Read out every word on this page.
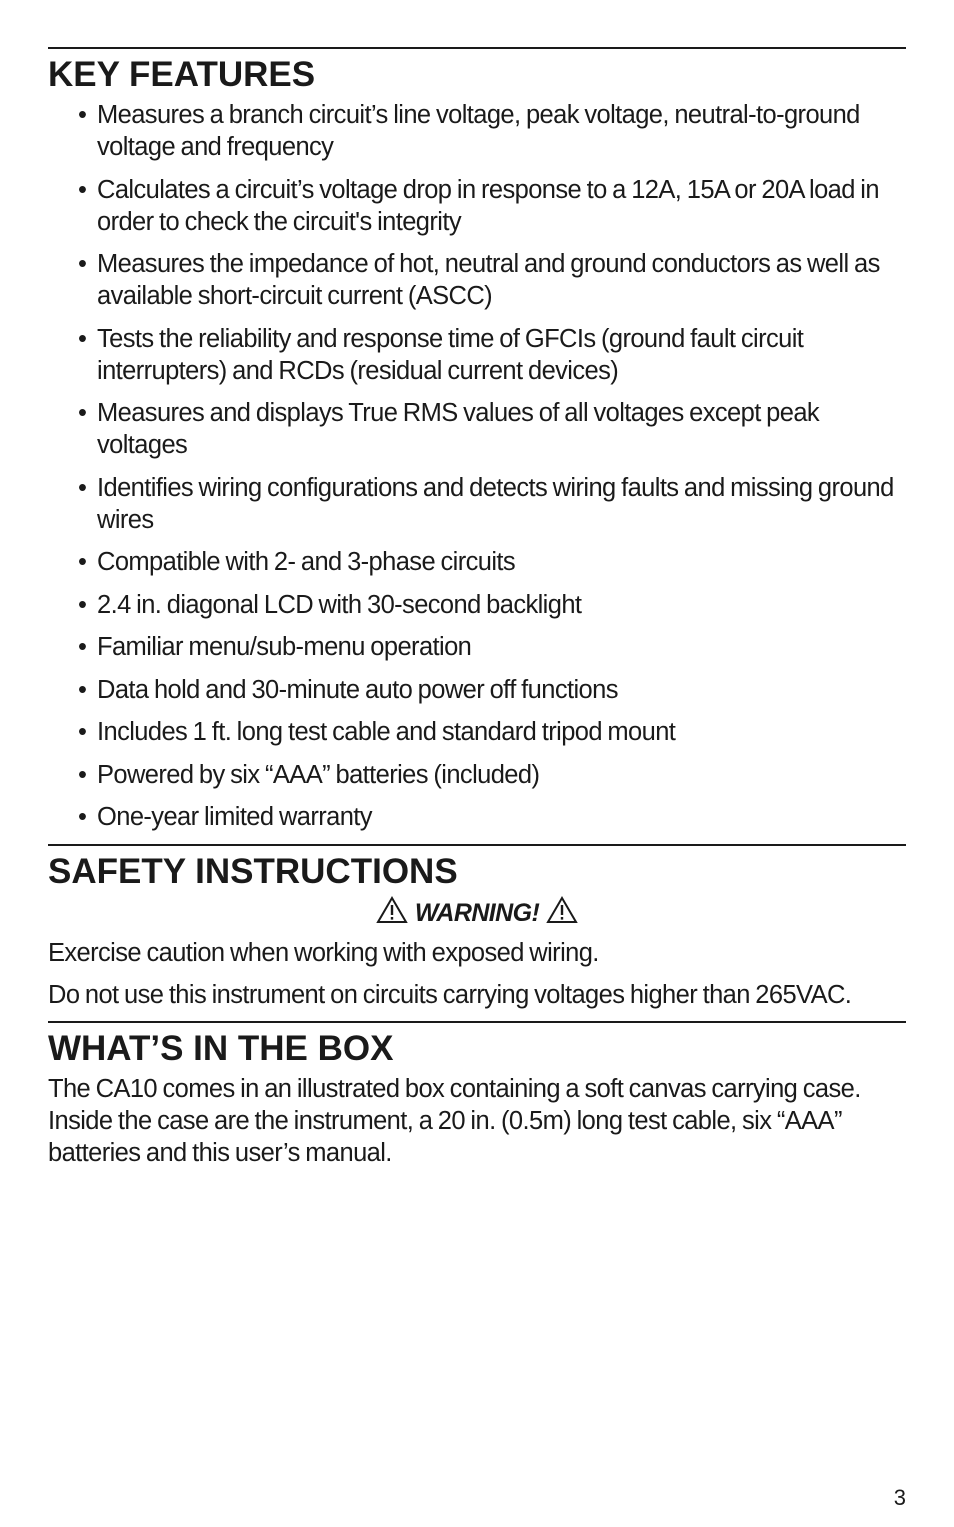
KEY FEATURES
• Measures a branch circuit’s line voltage, peak voltage, neutral-to-ground voltage and frequency
• Calculates a circuit’s voltage drop in response to a 12A, 15A or 20A load in order to check the circuit's integrity
• Measures the impedance of hot, neutral and ground conductors as well as available short-circuit current (ASCC)
• Tests the reliability and response time of GFCIs (ground fault circuit interrupters) and RCDs (residual current devices)
• Measures and displays True RMS values of all voltages except peak voltages
• Identifies wiring configurations and detects wiring faults and missing ground wires
• Compatible with 2- and 3-phase circuits
• 2.4 in. diagonal LCD with 30-second backlight
• Familiar menu/sub-menu operation
• Data hold and 30-minute auto power off functions
• Includes 1 ft. long test cable and standard tripod mount
• Powered by six “AAA” batteries (included)
• One-year limited warranty
SAFETY INSTRUCTIONS
WARNING!

Exercise caution when working with exposed wiring.

Do not use this instrument on circuits carrying voltages higher than 265VAC.

WHAT’S IN THE BOX

The CA10 comes in an illustrated box containing a soft canvas carrying case. Inside the case are the instrument, a 20 in. (0.5m) long test cable, six “AAA” batteries and this user’s manual.

3
